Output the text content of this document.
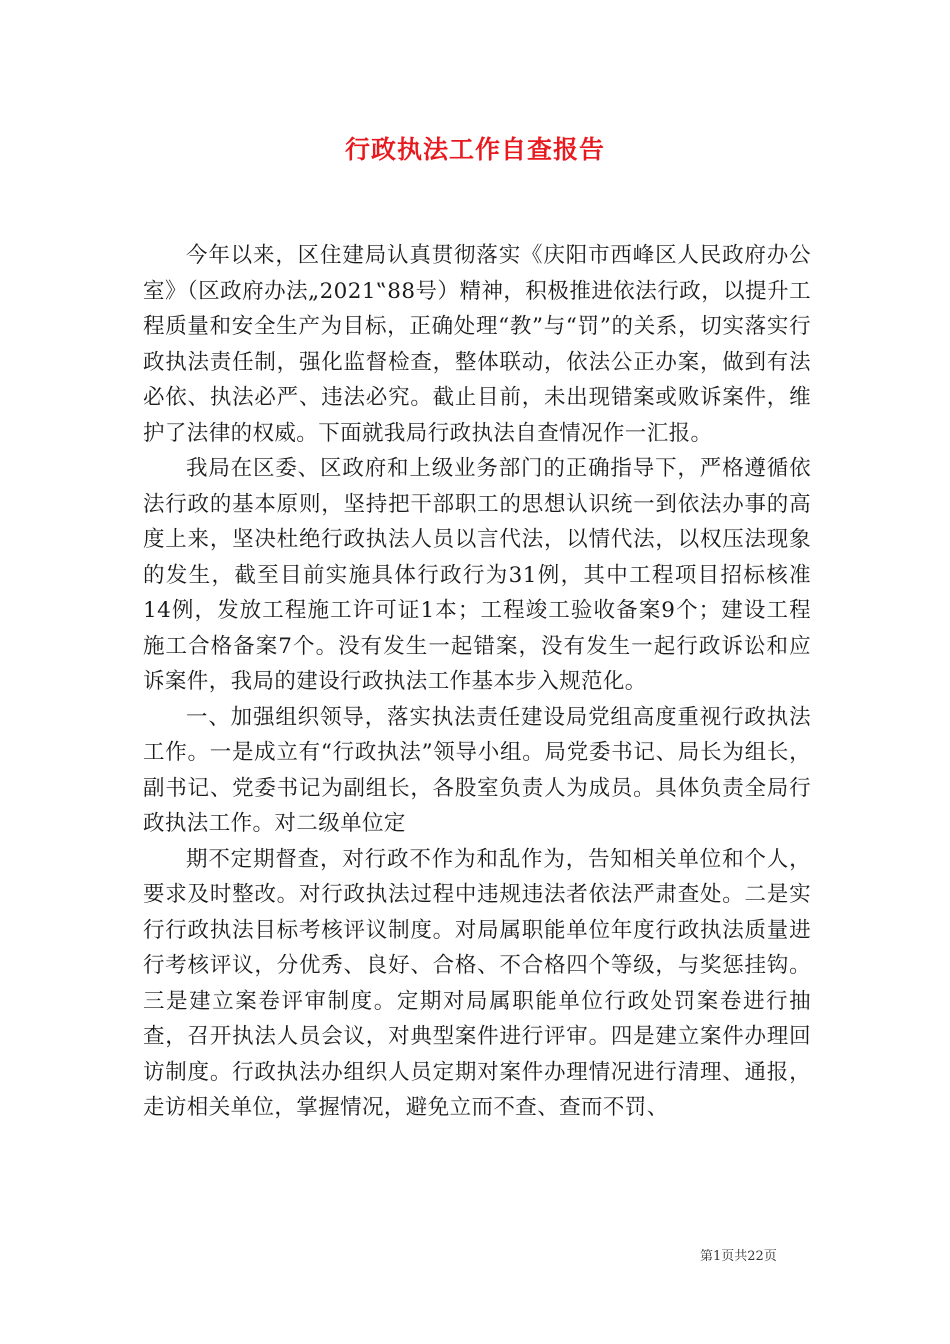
行政执法工作自查报告

今年以来，区住建局认真贯彻落实《庆阳市西峰区人民政府办公室》（区政府办法„2021‟88号）精神，积极推进依法行政，以提升工程质量和安全生产为目标，正确处理“教”与“罚”的关系，切实落实行政执法责任制，强化监督检查，整体联动，依法公正办案，做到有法必依、执法必严、违法必究。截止目前，未出现错案或败诉案件，维护了法律的权威。下面就我局行政执法自查情况作一汇报。

我局在区委、区政府和上级业务部门的正确指导下，严格遵循依法行政的基本原则，坚持把干部职工的思想认识统一到依法办事的高度上来，坚决杜绝行政执法人员以言代法，以情代法，以权压法现象的发生，截至目前实施具体行政行为31例，其中工程项目招标核准14例，发放工程施工许可证1本；工程竣工验收备案9个；建设工程施工合格备案7个。没有发生一起错案，没有发生一起行政诉讼和应诉案件，我局的建设行政执法工作基本步入规范化。

一、加强组织领导，落实执法责任建设局党组高度重视行政执法工作。一是成立有“行政执法”领导小组。局党委书记、局长为组长，副书记、党委书记为副组长，各股室负责人为成员。具体负责全局行政执法工作。对二级单位定

期不定期督查，对行政不作为和乱作为，告知相关单位和个人，要求及时整改。对行政执法过程中违规违法者依法严肃查处。二是实行行政执法目标考核评议制度。对局属职能单位年度行政执法质量进行考核评议，分优秀、良好、合格、不合格四个等级，与奖惩挂钩。三是建立案卷评审制度。定期对局属职能单位行政处罚案卷进行抽查，召开执法人员会议，对典型案件进行评审。四是建立案件办理回访制度。行政执法办组织人员定期对案件办理情况进行清理、通报，走访相关单位，掌握情况，避免立而不查、查而不罚、

第1页共22页
